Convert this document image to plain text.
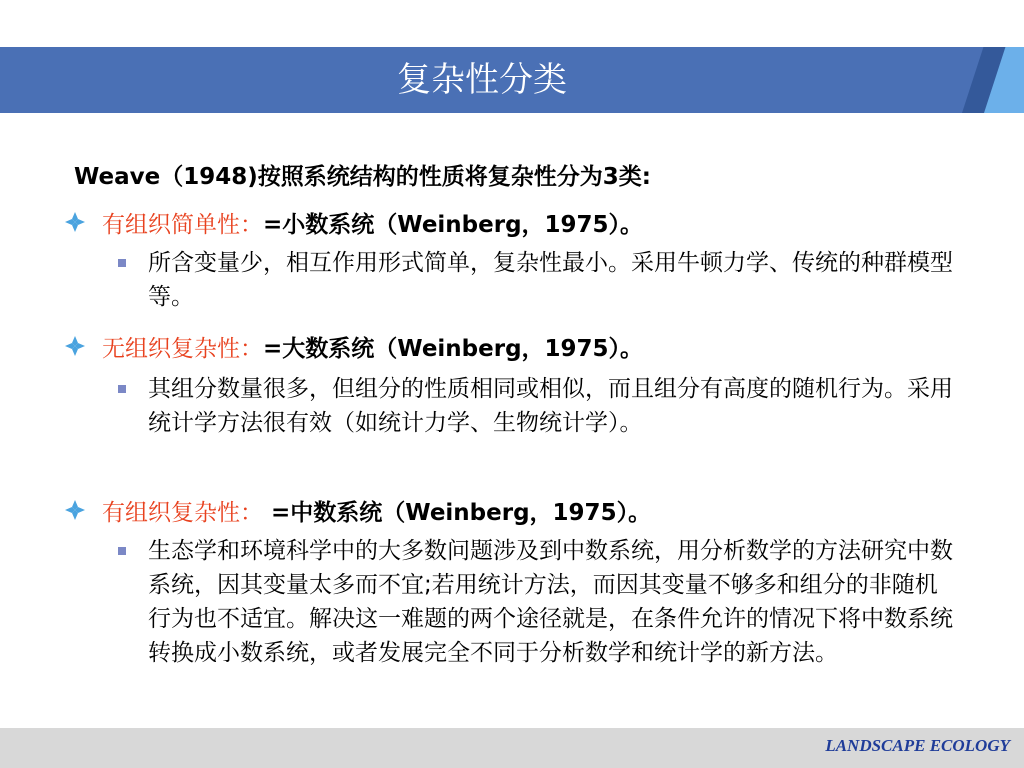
复杂性分类
Weave（1948)按照系统结构的性质将复杂性分为3类:
有组织简单性：=小数系统（Weinberg，1975）。
所含变量少，相互作用形式简单，复杂性最小。采用牛顿力学、传统的种群模型等。
无组织复杂性：=大数系统（Weinberg，1975）。
其组分数量很多，但组分的性质相同或相似，而且组分有高度的随机行为。采用统计学方法很有效（如统计力学、生物统计学）。
有组织复杂性： =中数系统（Weinberg，1975）。
生态学和环境科学中的大多数问题涉及到中数系统，用分析数学的方法研究中数系统，因其变量太多而不宜;若用统计方法，而因其变量不够多和组分的非随机行为也不适宜。解决这一难题的两个途径就是，在条件允许的情况下将中数系统转换成小数系统，或者发展完全不同于分析数学和统计学的新方法。
LANDSCAPE ECOLOGY
